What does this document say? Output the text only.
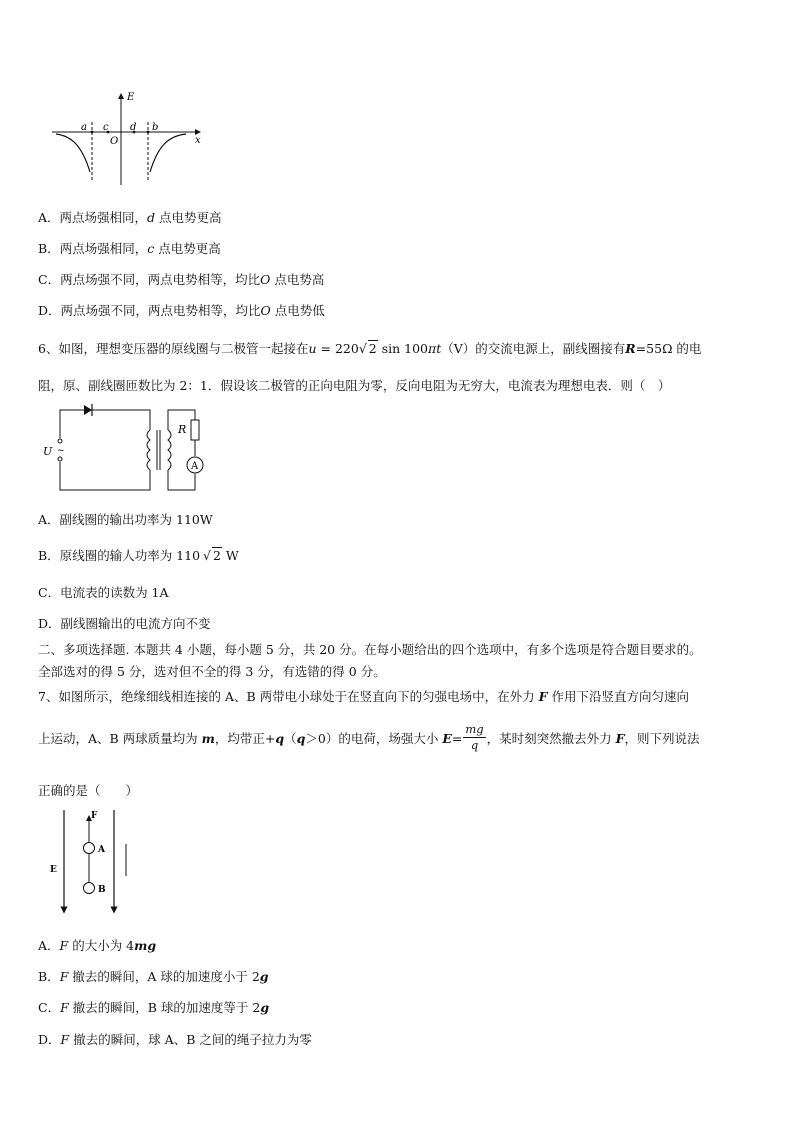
E
x
O
a c d b
A．两点场强相同，d 点电势更高
B．两点场强相同，c 点电势更高
C．两点场强不同，两点电势相等，均比O 点电势高
D．两点场强不同，两点电势相等，均比O 点电势低
6、如图，理想变压器的原线圈与二极管一起接在u = 220√ 2 sin 100πt（V）的交流电源上，副线圈接有R=55Ω 的电
阻，原、副线圈匝数比为 2：1．假设该二极管的正向电阻为零，反向电阻为无穷大，电流表为理想电表．则（　）
~
U
R
A
A．副线圈的输出功率为 110W
B．原线圈的输人功率为 110 √ 2 W
C．电流表的读数为 1A
D．副线圈输出的电流方向不变
二、多项选择题. 本题共 4 小题，每小题 5 分，共 20 分。在每小题给出的四个选项中，有多个选项是符合题目要求的。
全部选对的得 5 分，选对但不全的得 3 分，有选错的得 0 分。
7、如图所示，绝缘细线相连接的 A、B 两带电小球处于在竖直向下的匀强电场中，在外力 F 作用下沿竖直方向匀速向
上运动，A、B 两球质量均为 m，均带正+q（q＞0）的电荷，场强大小 $E= \frac{mg}{q}$ ，某时刻突然撤去外力 F，则下列说法
正确的是（　　）
F
A
B
E
A．F 的大小为 4mg
B．F 撤去的瞬间，A 球的加速度小于 2g
C．F 撤去的瞬间，B 球的加速度等于 2g
D．F 撤去的瞬间，球 A、B 之间的绳子拉力为零
